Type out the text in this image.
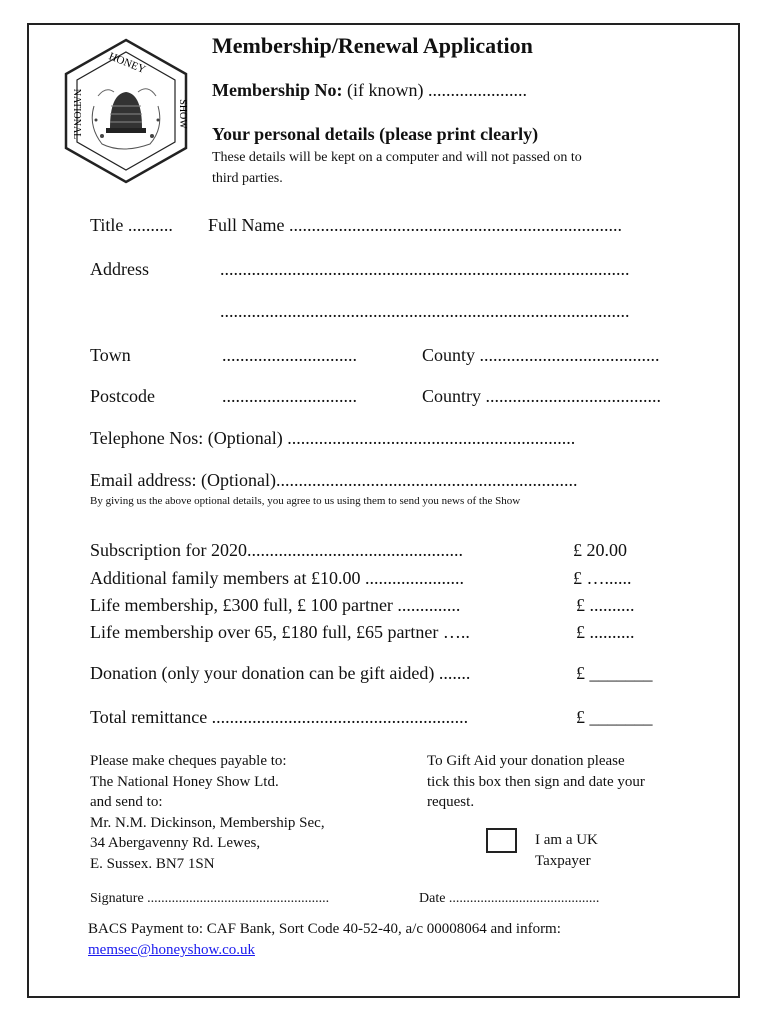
HONEY
NATIONAL	SHOW
Membership/Renewal Application
Membership No: (if known) ......................
Your personal details (please print clearly)
These details will be kept on a computer and will not passed on to
third parties.
Title .......... Full Name ..........................................................................
Address	...........................................................................................
...........................................................................................
Town	..............................	County ........................................
Postcode	..............................	Country .......................................
Telephone Nos: (Optional) ................................................................
Email address: (Optional)...................................................................
By giving us the above optional details, you agree to us using them to send you news of the Show
Subscription for 2020................................................	£ 20.00
Additional family members at £10.00 ......................	£ …......
Life membership, £300 full, £ 100 partner ..............	£ ..........
Life membership over 65, £180 full, £65 partner …..	£ ..........
Donation (only your donation can be gift aided) .......	£ _______
Total remittance .........................................................	£ _______
Please make cheques payable to:
The National Honey Show Ltd.
and send to:
Mr. N.M. Dickinson, Membership Sec,
34 Abergavenny Rd. Lewes,
E. Sussex. BN7 1SN
To Gift Aid your donation please
tick this box then sign and date your
request.
I am a UK
Taxpayer
Signature ....................................................	Date ...........................................
BACS Payment to: CAF Bank, Sort Code 40-52-40, a/c 00008064 and inform:
memsec@honeyshow.co.uk
